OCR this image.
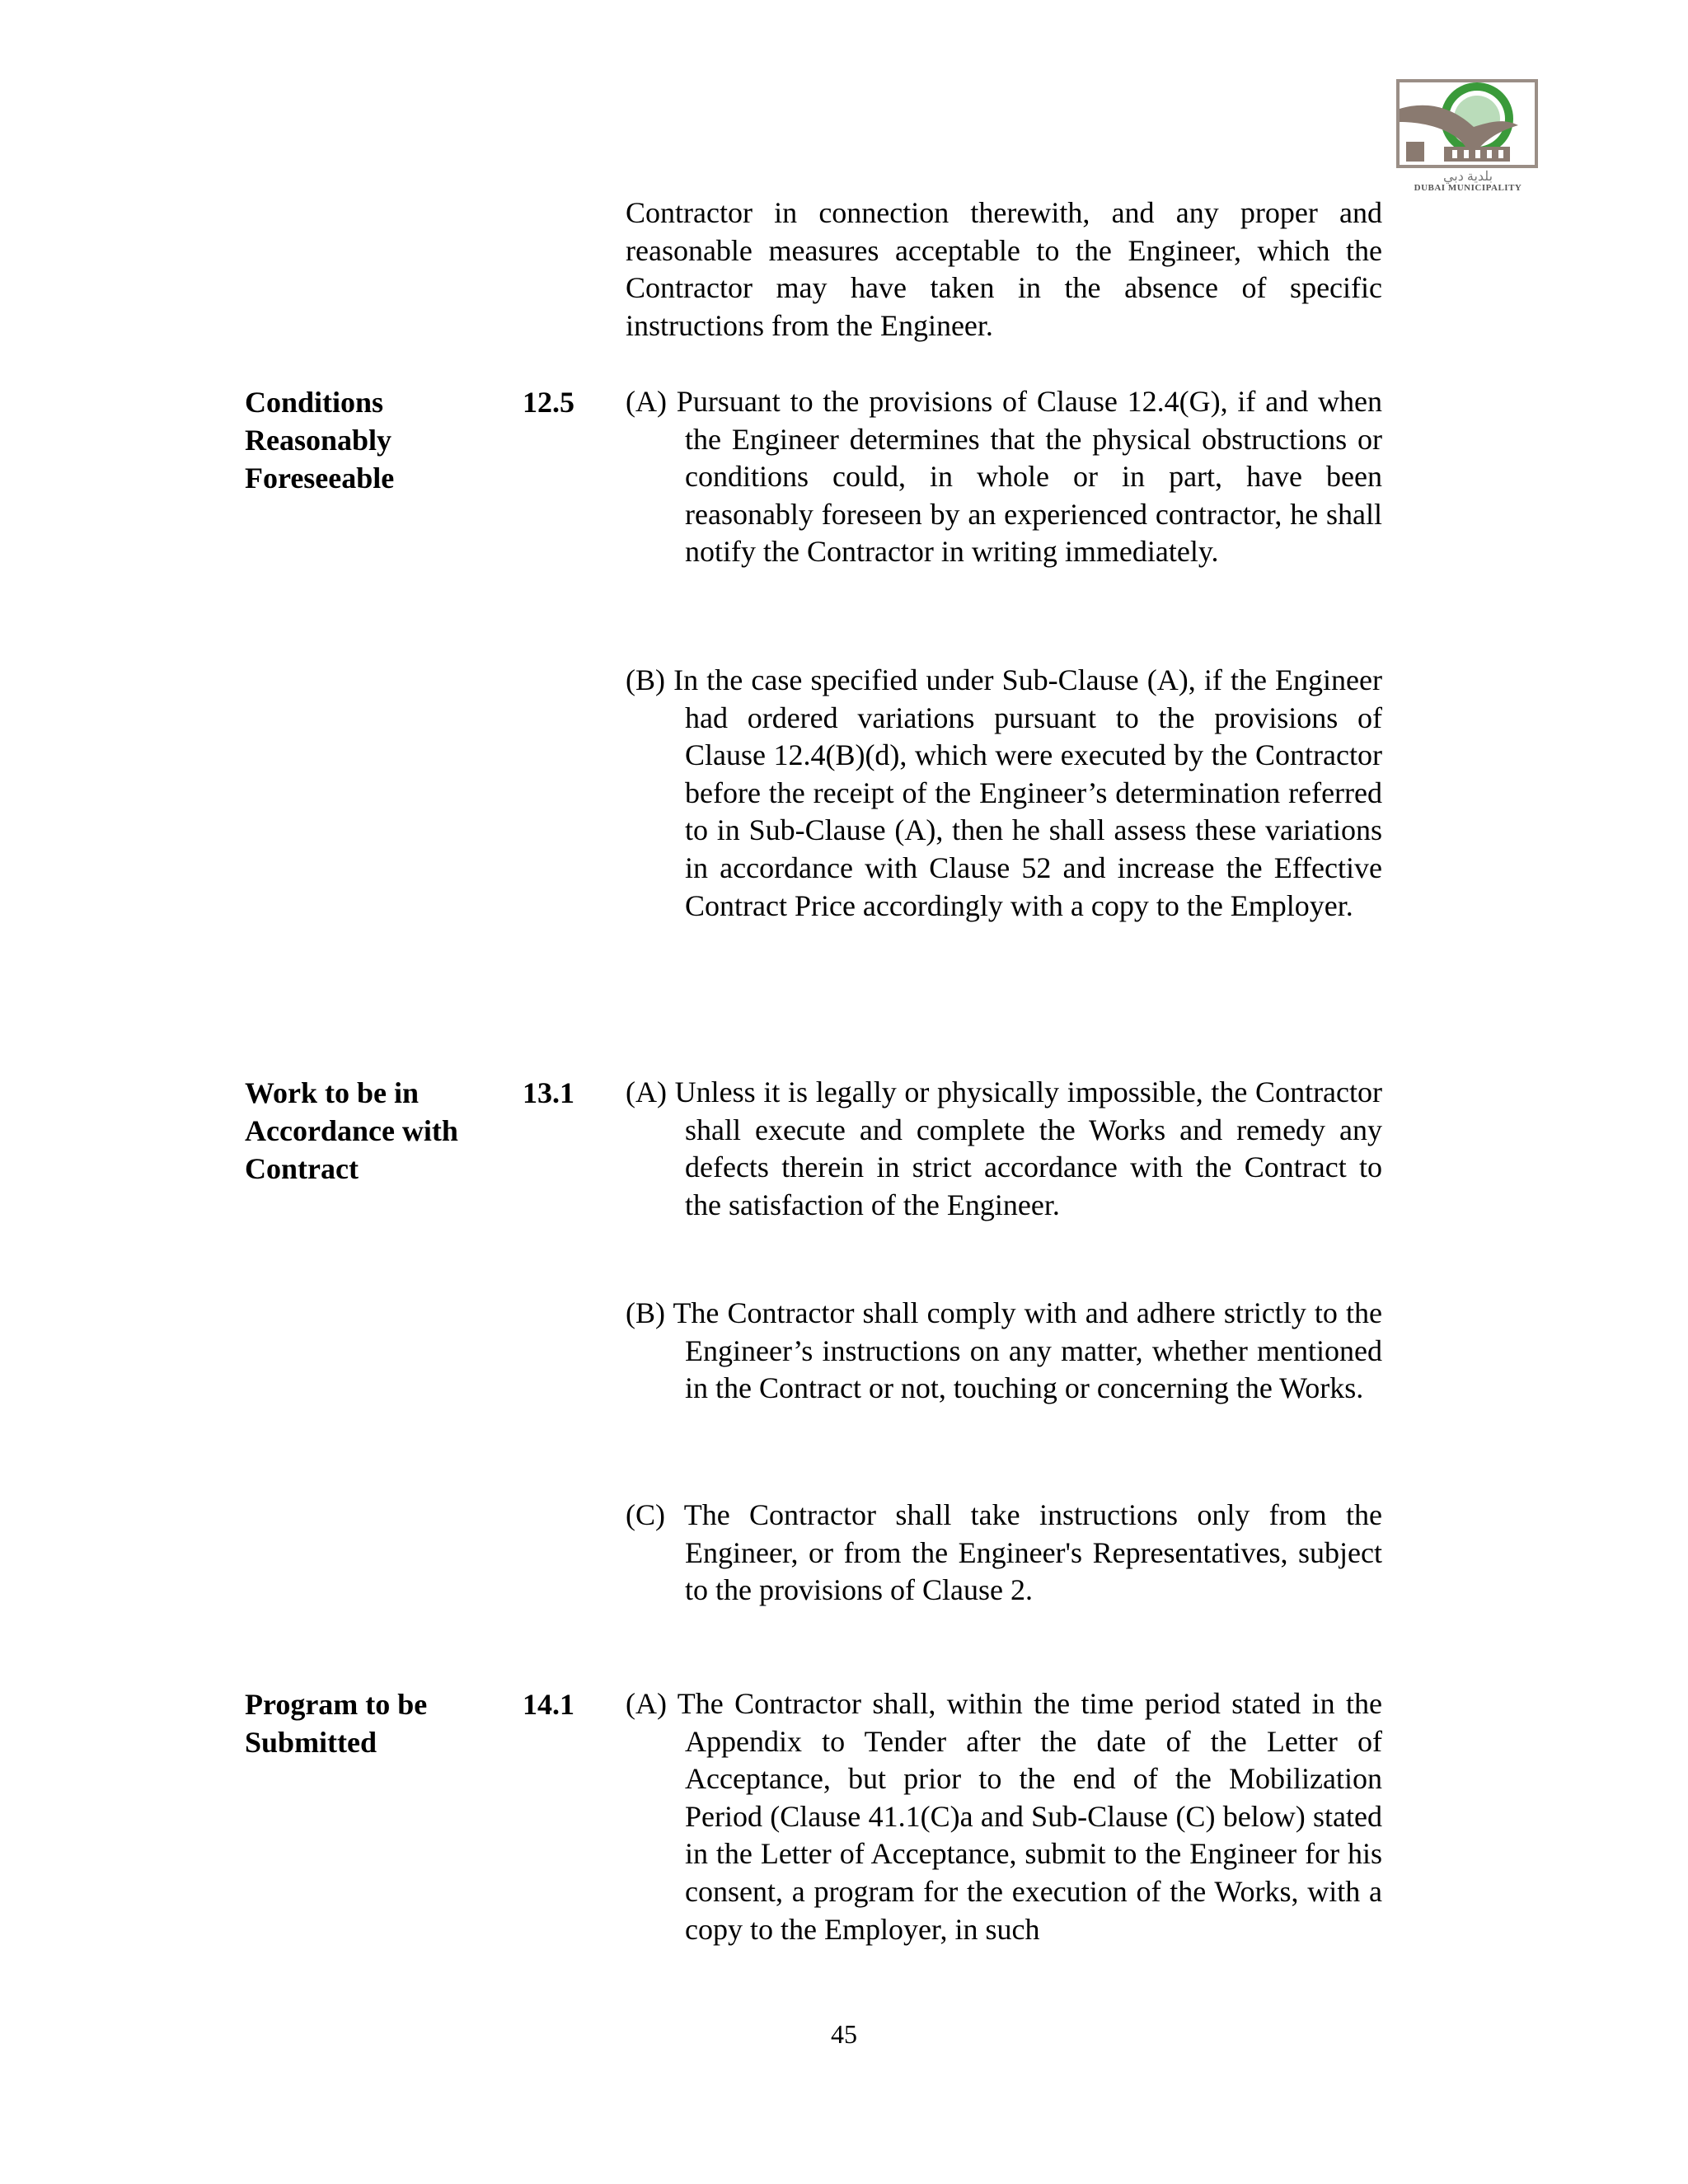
بلدية دبي
DUBAI MUNICIPALITY

Contractor in connection therewith, and any proper and reasonable measures acceptable to the Engineer, which the Contractor may have taken in the absence of specific instructions from the Engineer.

Conditions
Reasonably
Foreseeable
12.5 (A) Pursuant to the provisions of Clause 12.4(G), if and when the Engineer determines that the physical obstructions or conditions could, in whole or in part, have been reasonably foreseen by an experienced contractor, he shall notify the Contractor in writing immediately.

(B) In the case specified under Sub-Clause (A), if the Engineer had ordered variations pursuant to the provisions of Clause 12.4(B)(d), which were executed by the Contractor before the receipt of the Engineer’s determination referred to in Sub-Clause (A), then he shall assess these variations in accordance with Clause 52 and increase the Effective Contract Price accordingly with a copy to the Employer.

Work to be in
Accordance with
Contract
13.1 (A) Unless it is legally or physically impossible, the Contractor shall execute and complete the Works and remedy any defects therein in strict accordance with the Contract to the satisfaction of the Engineer.

(B) The Contractor shall comply with and adhere strictly to the Engineer’s instructions on any matter, whether mentioned in the Contract or not, touching or concerning the Works.

(C) The Contractor shall take instructions only from the Engineer, or from the Engineer's Representatives, subject to the provisions of Clause 2.

Program to be
Submitted
14.1 (A) The Contractor shall, within the time period stated in the Appendix to Tender after the date of the Letter of Acceptance, but prior to the end of the Mobilization Period (Clause 41.1(C)a and Sub-Clause (C) below) stated in the Letter of Acceptance, submit to the Engineer for his consent, a program for the execution of the Works, with a copy to the Employer, in such

45
